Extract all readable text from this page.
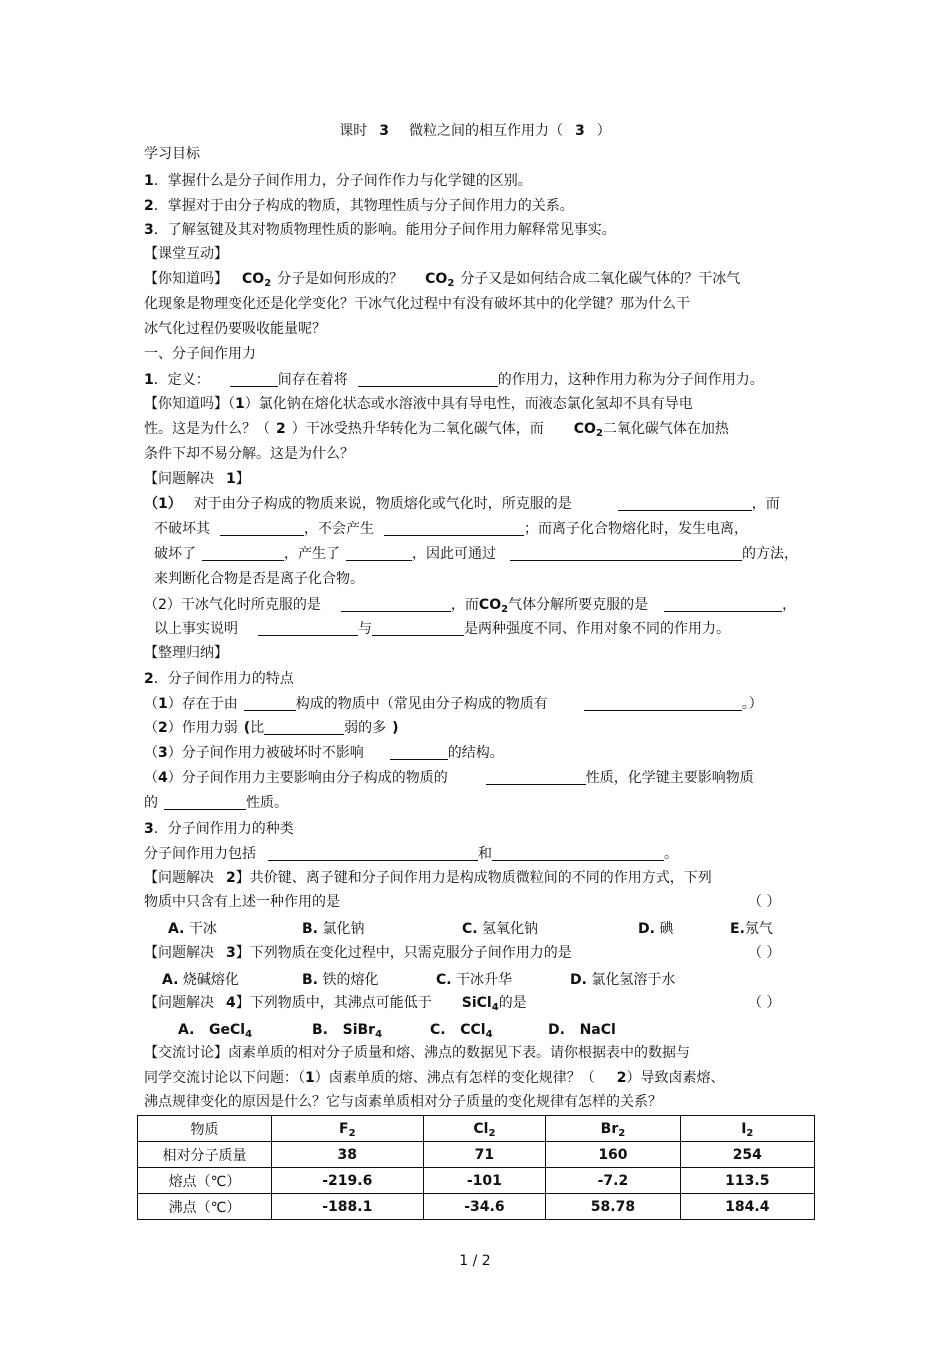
课时 3 微粒之间的相互作用力（ 3 ）
学习目标
1．掌握什么是分子间作用力，分子间作作力与化学键的区别。
2．掌握对于由分子构成的物质，其物理性质与分子间作用力的关系。
3．了解氢键及其对物质物理性质的影响。能用分子间作用力解释常见事实。
【课堂互动】
【你知道吗】 $CO_2$ 分子是如何形成的？ $CO_2$ 分子又是如何结合成二氧化碳气体的？干冰气
化现象是物理变化还是化学变化？干冰气化过程中有没有破坏其中的化学键？那为什么干
冰气化过程仍要吸收能量呢？
一、分子间作用力
1．定义：	间存在着将	的作用力，这种作用力称为分子间作用力。
【你知道吗】（1）氯化钠在熔化状态或水溶液中具有导电性，而液态氯化氢却不具有导电
性。这是为什么？（ 2 ）干冰受热升华转化为二氧化碳气体，而 $CO_2$二氧化碳气体在加热
条件下却不易分解。这是为什么？
【问题解决 1】
（1） 对于由分子构成的物质来说，物质熔化或气化时，所克服的是	，而
不破坏其	，不会产生	；而离子化合物熔化时，发生电离，
破坏了	，产生了	，因此可通过	的方法，
来判断化合物是否是离子化合物。
（2）干冰气化时所克服的是	，而$CO_2$气体分解所要克服的是	，
以上事实说明	与	是两种强度不同、作用对象不同的作用力。
【整理归纳】
2．分子间作用力的特点
（1）存在于由	构成的物质中（常见由分子构成的物质有	。）
（2）作用力弱 (比	弱的多 )
（3）分子间作用力被破坏时不影响	的结构。
（4）分子间作用力主要影响由分子构成的物质的	性质，化学键主要影响物质
的	性质。
3．分子间作用力的种类
分子间作用力包括	和	。
【问题解决 2】共价键、离子键和分子间作用力是构成物质微粒间的不同的作用方式，下列
物质中只含有上述一种作用的是	（ ）
A. 干冰	B. 氯化钠	C. 氢氧化钠	D. 碘	E.氖气
【问题解决 3】下列物质在变化过程中，只需克服分子间作用力的是	（ ）
A. 烧碱熔化	B. 铁的熔化	C. 干冰升华	D. 氯化氢溶于水
【问题解决 4】下列物质中，其沸点可能低于 SiCl$_4$的是	（ ）
A. GeCl$_4$	B. SiBr$_4$	C. CCl$_4$	D. NaCl
【交流讨论】卤素单质的相对分子质量和熔、沸点的数据见下表。请你根据表中的数据与
同学交流讨论以下问题：（1）卤素单质的熔、沸点有怎样的变化规律？（ 2）导致卤素熔、
沸点规律变化的原因是什么？它与卤素单质相对分子质量的变化规律有怎样的关系？
物质	$F_2$	$Cl_2$	$Br_2$	$I_2$
相对分子质量	38	71	160	254
熔点（℃）	-219.6	-101	-7.2	113.5
沸点（℃）	-188.1	-34.6	58.78	184.4
1 / 2
